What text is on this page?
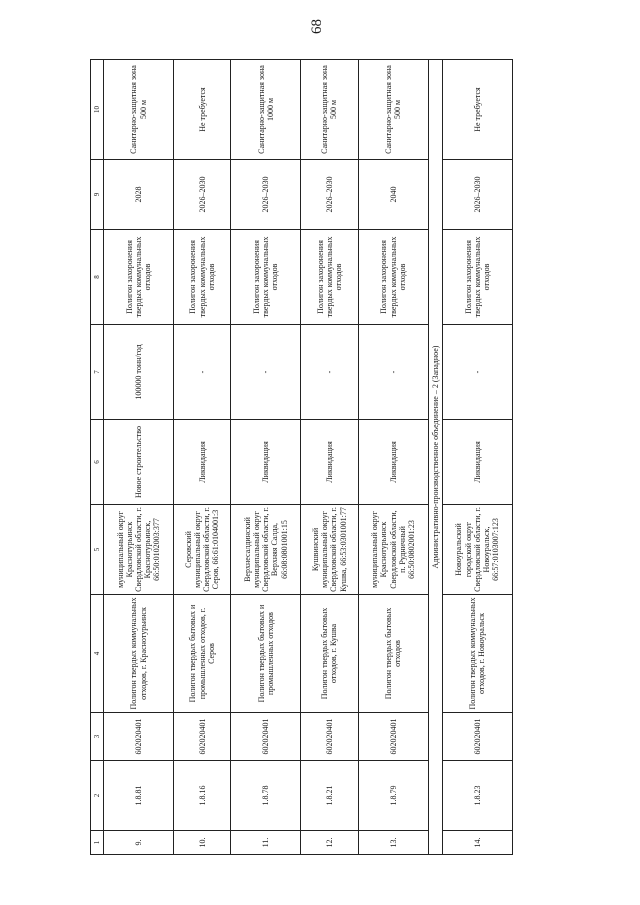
68
1	2	3	4	5	6	7	8	9	10
9.	1.8.81	602020401	Полигон твердых коммунальных отходов, г. Краснотурьинск	муниципальный округ Краснотурьинск Свердловской области, г. Краснотурьинск, 66:50:0102003:377	Новое строительство	100000 тонн/год	Полигон захоронения твердых коммунальных отходов	2028	Санитарно-защитная зона 500 м
10.	1.8.16	602020401	Полигон твердых бытовых и промышленных отходов, г. Серов	Серовский муниципальный округ Свердловской области, г. Серов, 66:61:0104001:3	Ликвидация	-	Полигон захоронения твердых коммунальных отходов	2026–2030	Не требуется
11.	1.8.78	602020401	Полигон твердых бытовых и промышленных отходов	Верхнесалдинский муниципальный округ Свердловской области, г. Верхняя Салда, 66:08:0801001:15	Ликвидация	-	Полигон захоронения твердых коммунальных отходов	2026–2030	Санитарно-защитная зона 1000 м
12.	1.8.21	602020401	Полигон твердых бытовых отходов, г. Кушва	Кушвинский муниципальный округ Свердловской области, г. Кушва, 66:53:0301001:77	Ликвидация	-	Полигон захоронения твердых коммунальных отходов	2026–2030	Санитарно-защитная зона 500 м
13.	1.8.79	602020401	Полигон твердых бытовых отходов	муниципальный округ Краснотурьинск Свердловской области, п. Рудничный 66:50:0802001:23	Ликвидация	-	Полигон захоронения твердых коммунальных отходов	2040	Санитарно-защитная зона 500 м
Административно-производственное объединение – 2 (Западное)									
14.	1.8.23	602020401	Полигон твердых коммунальных отходов, г. Новоуральск	Новоуральский городской округ Свердловской области, г. Новоуральск, 66:57:0103007:123	Ликвидация	-	Полигон захоронения твердых коммунальных отходов	2026–2030	Не требуется
